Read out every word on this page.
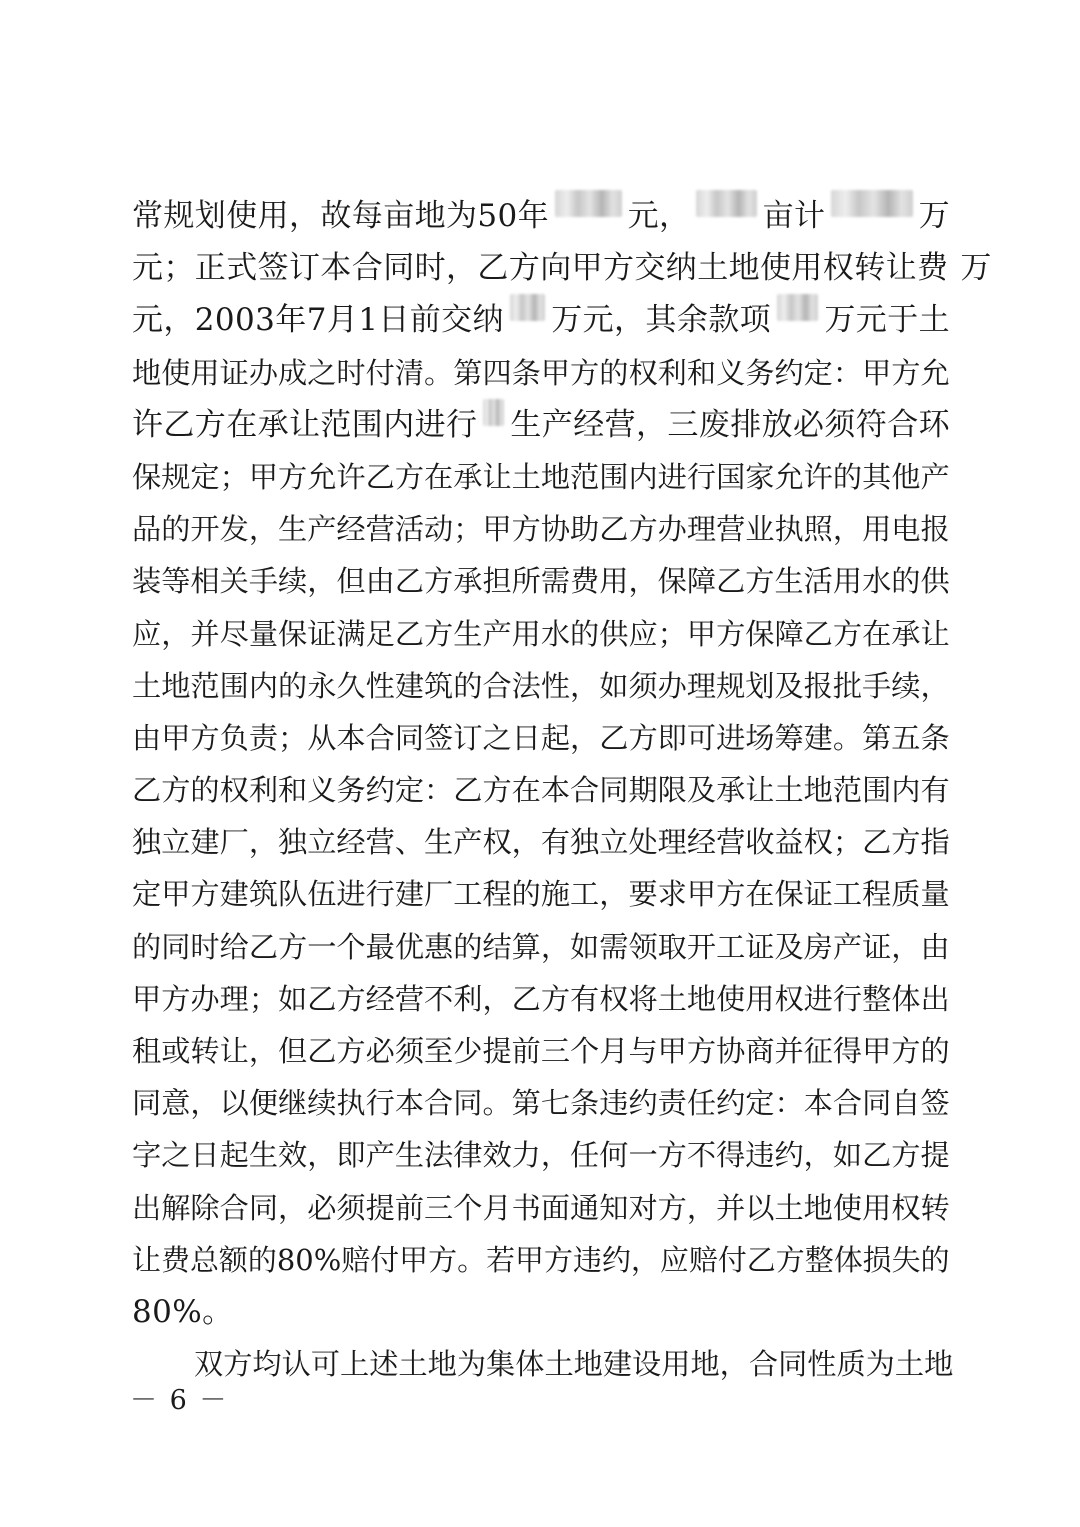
常规划使用，故每亩地为50年	元， 亩计	万
元；正式签订本合同时，乙方向甲方交纳土地使用权转让费 万
元，2003年7月1日前交纳 万元，其余款项 万元于土
地使用证办成之时付清。第四条甲方的权利和义务约定：甲方允
许乙方在承让范围内进行 生产经营，三废排放必须符合环
保规定；甲方允许乙方在承让土地范围内进行国家允许的其他产
品的开发，生产经营活动；甲方协助乙方办理营业执照，用电报
装等相关手续，但由乙方承担所需费用，保障乙方生活用水的供
应，并尽量保证满足乙方生产用水的供应；甲方保障乙方在承让
土地范围内的永久性建筑的合法性，如须办理规划及报批手续，
由甲方负责；从本合同签订之日起，乙方即可进场筹建。第五条
乙方的权利和义务约定：乙方在本合同期限及承让土地范围内有
独立建厂，独立经营、生产权，有独立处理经营收益权；乙方指
定甲方建筑队伍进行建厂工程的施工，要求甲方在保证工程质量
的同时给乙方一个最优惠的结算，如需领取开工证及房产证，由
甲方办理；如乙方经营不利，乙方有权将土地使用权进行整体出
租或转让，但乙方必须至少提前三个月与甲方协商并征得甲方的
同意，以便继续执行本合同。第七条违约责任约定：本合同自签
字之日起生效，即产生法律效力，任何一方不得违约，如乙方提
出解除合同，必须提前三个月书面通知对方，并以土地使用权转
让费总额的80%赔付甲方。若甲方违约，应赔付乙方整体损失的
80%。
双方均认可上述土地为集体土地建设用地，合同性质为土地
－ 6 －
